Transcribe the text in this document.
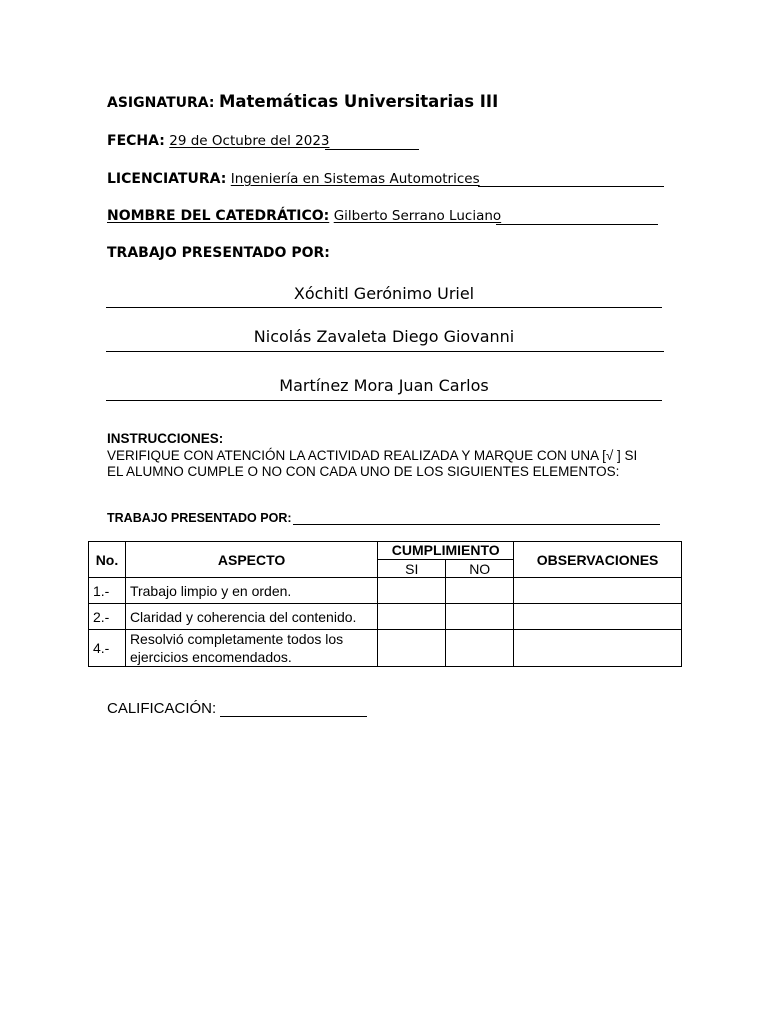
ASIGNATURA: Matemáticas Universitarias III
FECHA: 29 de Octubre del 2023
LICENCIATURA: Ingeniería en Sistemas Automotrices
NOMBRE DEL CATEDRÁTICO: Gilberto Serrano Luciano
TRABAJO PRESENTADO POR:
Xóchitl Gerónimo Uriel
Nicolás Zavaleta Diego Giovanni
Martínez Mora Juan Carlos
INSTRUCCIONES:
VERIFIQUE CON ATENCIÓN LA ACTIVIDAD REALIZADA Y MARQUE CON UNA [√ ] SI
EL ALUMNO CUMPLE O NO CON CADA UNO DE LOS SIGUIENTES ELEMENTOS:
TRABAJO PRESENTADO POR:
No.	ASPECTO	CUMPLIMIENTO		OBSERVACIONES
		SI	NO	
1.-	Trabajo limpio y en orden.			
2.-	Claridad y coherencia del contenido.			
4.-	Resolvió completamente todos los
ejercicios encomendados.			

CALIFICACIÓN:
